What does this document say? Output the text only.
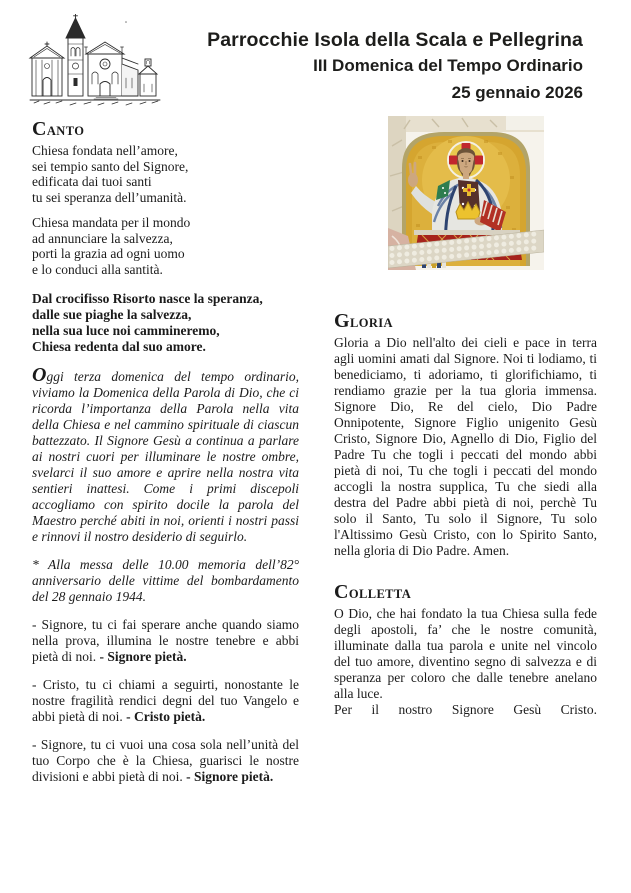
Parrocchie Isola della Scala e Pellegrina
III Domenica del Tempo Ordinario
25 gennaio 2026
CANTO
Chiesa fondata nell’amore,
sei tempio santo del Signore,
edificata dai tuoi santi
tu sei speranza dell’umanità.
Chiesa mandata per il mondo
ad annunciare la salvezza,
porti la grazia ad ogni uomo
e lo conduci alla santità.
Dal crocifisso Risorto nasce la speranza,
dalle sue piaghe la salvezza,
nella sua luce noi cammineremo,
Chiesa redenta dal suo amore.

Oggi terza domenica del tempo ordinario, viviamo la Domenica della Parola di Dio, che ci ricorda l’importanza della Parola nella vita della Chiesa e nel cammino spirituale di ciascun battezzato. Il Signore Gesù a continua a parlare ai nostri cuori per illuminare le nostre ombre, svelarci il suo amore e aprire nella nostra vita sentieri inattesi. Come i primi discepoli accogliamo con spirito docile la parola del Maestro perché abiti in noi, orienti i nostri passi e rinnovi il nostro desiderio di seguirlo.

* Alla messa delle 10.00 memoria dell’82° anniversario delle vittime del bombardamento del 28 gennaio 1944.

- Signore, tu ci fai sperare anche quando siamo nella prova, illumina le nostre tenebre e abbi pietà di noi. - Signore pietà.

- Cristo, tu ci chiami a seguirti, nonostante le nostre fragilità rendici degni del tuo Vangelo e abbi pietà di noi. - Cristo pietà.

- Signore, tu ci vuoi una cosa sola nell’unità del tuo Corpo che è la Chiesa, guarisci le nostre divisioni e abbi pietà di noi. - Signore pietà.

GLORIA

Gloria a Dio nell'alto dei cieli e pace in terra agli uomini amati dal Signore. Noi ti lodiamo, ti benediciamo, ti adoriamo, ti glorifichiamo, ti rendiamo grazie per la tua gloria immensa. Signore Dio, Re del cielo, Dio Padre Onnipotente, Signore Figlio unigenito Gesù Cristo, Signore Dio, Agnello di Dio, Figlio del Padre Tu che togli i peccati del mondo abbi pietà di noi, Tu che togli i peccati del mondo accogli la nostra supplica, Tu che siedi alla destra del Padre abbi pietà di noi, perchè Tu solo il Santo, Tu solo il Signore, Tu solo l'Altissimo Gesù Cristo, con lo Spirito Santo, nella gloria di Dio Padre. Amen.

COLLETTA

O Dio, che hai fondato la tua Chiesa sulla fede degli apostoli, fa’ che le nostre comunità, illuminate dalla tua parola e unite nel vincolo del tuo amore, diventino segno di salvezza e di speranza per coloro che dalle tenebre anelano alla luce.

Per il nostro Signore Gesù Cristo.
